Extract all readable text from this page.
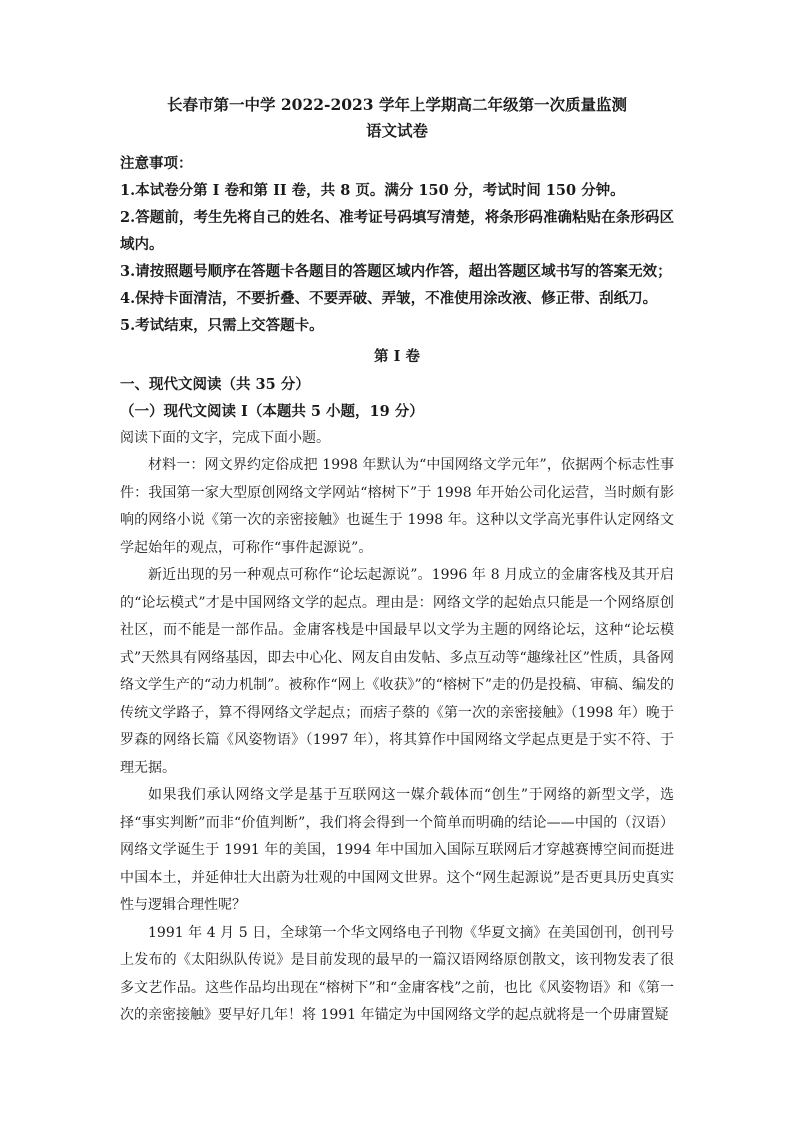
长春市第一中学 2022-2023 学年上学期高二年级第一次质量监测

语文试卷

注意事项：

1.本试卷分第 I 卷和第 II 卷，共 8 页。满分 150 分，考试时间 150 分钟。

2.答题前，考生先将自己的姓名、准考证号码填写清楚，将条形码准确粘贴在条形码区域内。

3.请按照题号顺序在答题卡各题目的答题区域内作答，超出答题区域书写的答案无效；

4.保持卡面清洁，不要折叠、不要弄破、弄皱，不准使用涂改液、修正带、刮纸刀。

5.考试结束，只需上交答题卡。

第 I 卷

一、现代文阅读（共 35 分）

（一）现代文阅读 I（本题共 5 小题，19 分）

阅读下面的文字，完成下面小题。

材料一：网文界约定俗成把 1998 年默认为“中国网络文学元年”，依据两个标志性事件：我国第一家大型原创网络文学网站“榕树下”于 1998 年开始公司化运营，当时颇有影响的网络小说《第一次的亲密接触》也诞生于 1998 年。这种以文学高光事件认定网络文学起始年的观点，可称作“事件起源说”。

新近出现的另一种观点可称作“论坛起源说”。1996 年 8 月成立的金庸客栈及其开启的“论坛模式”才是中国网络文学的起点。理由是：网络文学的起始点只能是一个网络原创社区，而不能是一部作品。金庸客栈是中国最早以文学为主题的网络论坛，这种“论坛模式”天然具有网络基因，即去中心化、网友自由发帖、多点互动等“趣缘社区”性质，具备网络文学生产的“动力机制”。被称作“网上《收获》”的“榕树下”走的仍是投稿、审稿、编发的传统文学路子，算不得网络文学起点；而痞子蔡的《第一次的亲密接触》（1998 年）晚于罗森的网络长篇《风姿物语》（1997 年），将其算作中国网络文学起点更是于实不符、于理无据。

如果我们承认网络文学是基于互联网这一媒介载体而“创生”于网络的新型文学，选择“事实判断”而非“价值判断”，我们将会得到一个简单而明确的结论——中国的（汉语）网络文学诞生于 1991 年的美国，1994 年中国加入国际互联网后才穿越赛博空间而挺进中国本土，并延伸壮大出蔚为壮观的中国网文世界。这个“网生起源说”是否更具历史真实性与逻辑合理性呢？

1991 年 4 月 5 日，全球第一个华文网络电子刊物《华夏文摘》在美国创刊，创刊号上发布的《太阳纵队传说》是目前发现的最早的一篇汉语网络原创散文，该刊物发表了很多文艺作品。这些作品均出现在“榕树下”和“金庸客栈”之前，也比《风姿物语》和《第一次的亲密接触》要早好几年！将 1991 年锚定为中国网络文学的起点就将是一个毋庸置疑
